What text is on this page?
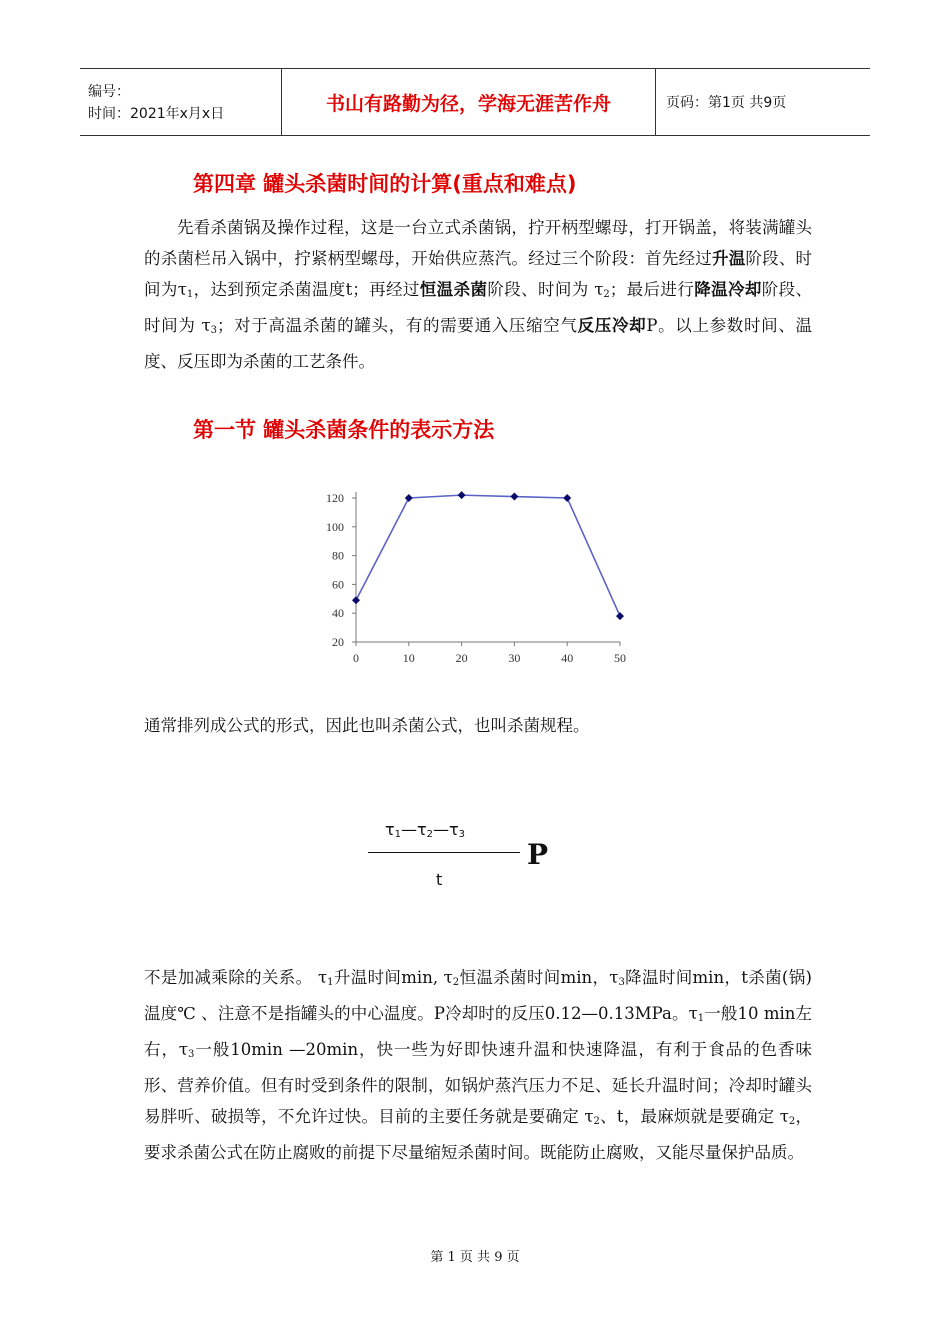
编号：
时间：2021年x月x日	书山有路勤为径，学海无涯苦作舟	页码：第1页 共9页
第四章 罐头杀菌时间的计算(重点和难点)

先看杀菌锅及操作过程，这是一台立式杀菌锅，拧开柄型螺母，打开锅盖，将装满罐头的杀菌栏吊入锅中，拧紧柄型螺母，开始供应蒸汽。经过三个阶段：首先经过升温阶段、时间为$\tau_1$，达到预定杀菌温度t；再经过恒温杀菌阶段、时间为 $\tau_2$；最后进行降温冷却阶段、时间为 $\tau_3$；对于高温杀菌的罐头，有的需要通入压缩空气反压冷却P。以上参数时间、温度、反压即为杀菌的工艺条件。

第一节 罐头杀菌条件的表示方法
20
40
60
80
100
120
0	10	20	30	40	50

通常排列成公式的形式，因此也叫杀菌公式，也叫杀菌规程。

$\tau_1—\tau_2—\tau_3$
P
t

不是加减乘除的关系。 $\tau_1$升温时间min, $\tau_2$恒温杀菌时间min，$\tau_3$降温时间min，t杀菌(锅)温度℃ 、注意不是指罐头的中心温度。P冷却时的反压0.12—0.13MPa。$\tau_1$一般10 min左右，$\tau_3$一般10min —20min，快一些为好即快速升温和快速降温，有利于食品的色香味形、营养价值。但有时受到条件的限制，如锅炉蒸汽压力不足、延长升温时间；冷却时罐头易胖听、破损等，不允许过快。目前的主要任务就是要确定 $\tau_2$、t，最麻烦就是要确定 $\tau_2$，要求杀菌公式在防止腐败的前提下尽量缩短杀菌时间。既能防止腐败，又能尽量保护品质。

第 1 页 共 9 页
